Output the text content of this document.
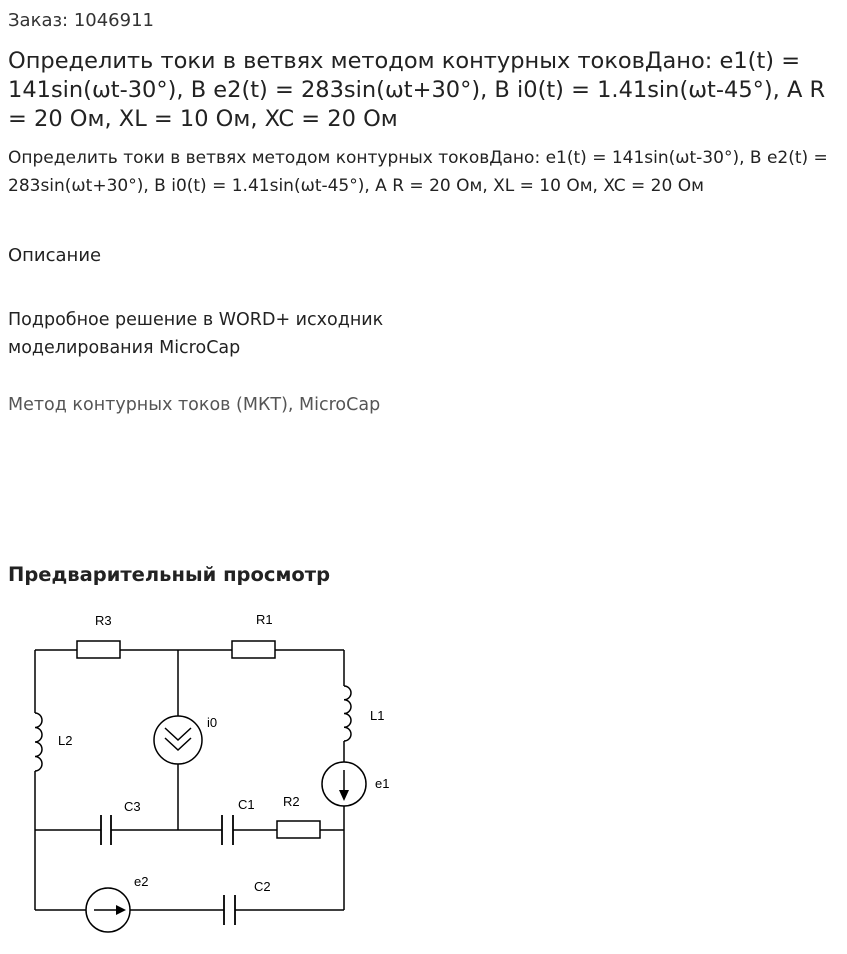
Заказ: 1046911
Определить токи в ветвях методом контурных токовДано: e1(t) = 141sin(ωt-30°), В e2(t) = 283sin(ωt+30°), В i0(t) = 1.41sin(ωt-45°), А R = 20 Ом, XL = 10 Ом, XC = 20 Ом
Определить токи в ветвях методом контурных токовДано: e1(t) = 141sin(ωt-30°), В e2(t) = 283sin(ωt+30°), В i0(t) = 1.41sin(ωt-45°), А R = 20 Ом, XL = 10 Ом, XC = 20 Ом
Описание
Подробное решение в WORD+ исходник моделирования MicroCap
Метод контурных токов (МКТ), MicroCap
Предварительный просмотр
R3	R1
R2
L1
L2
i0
e1
e2
C3	C1
C2
